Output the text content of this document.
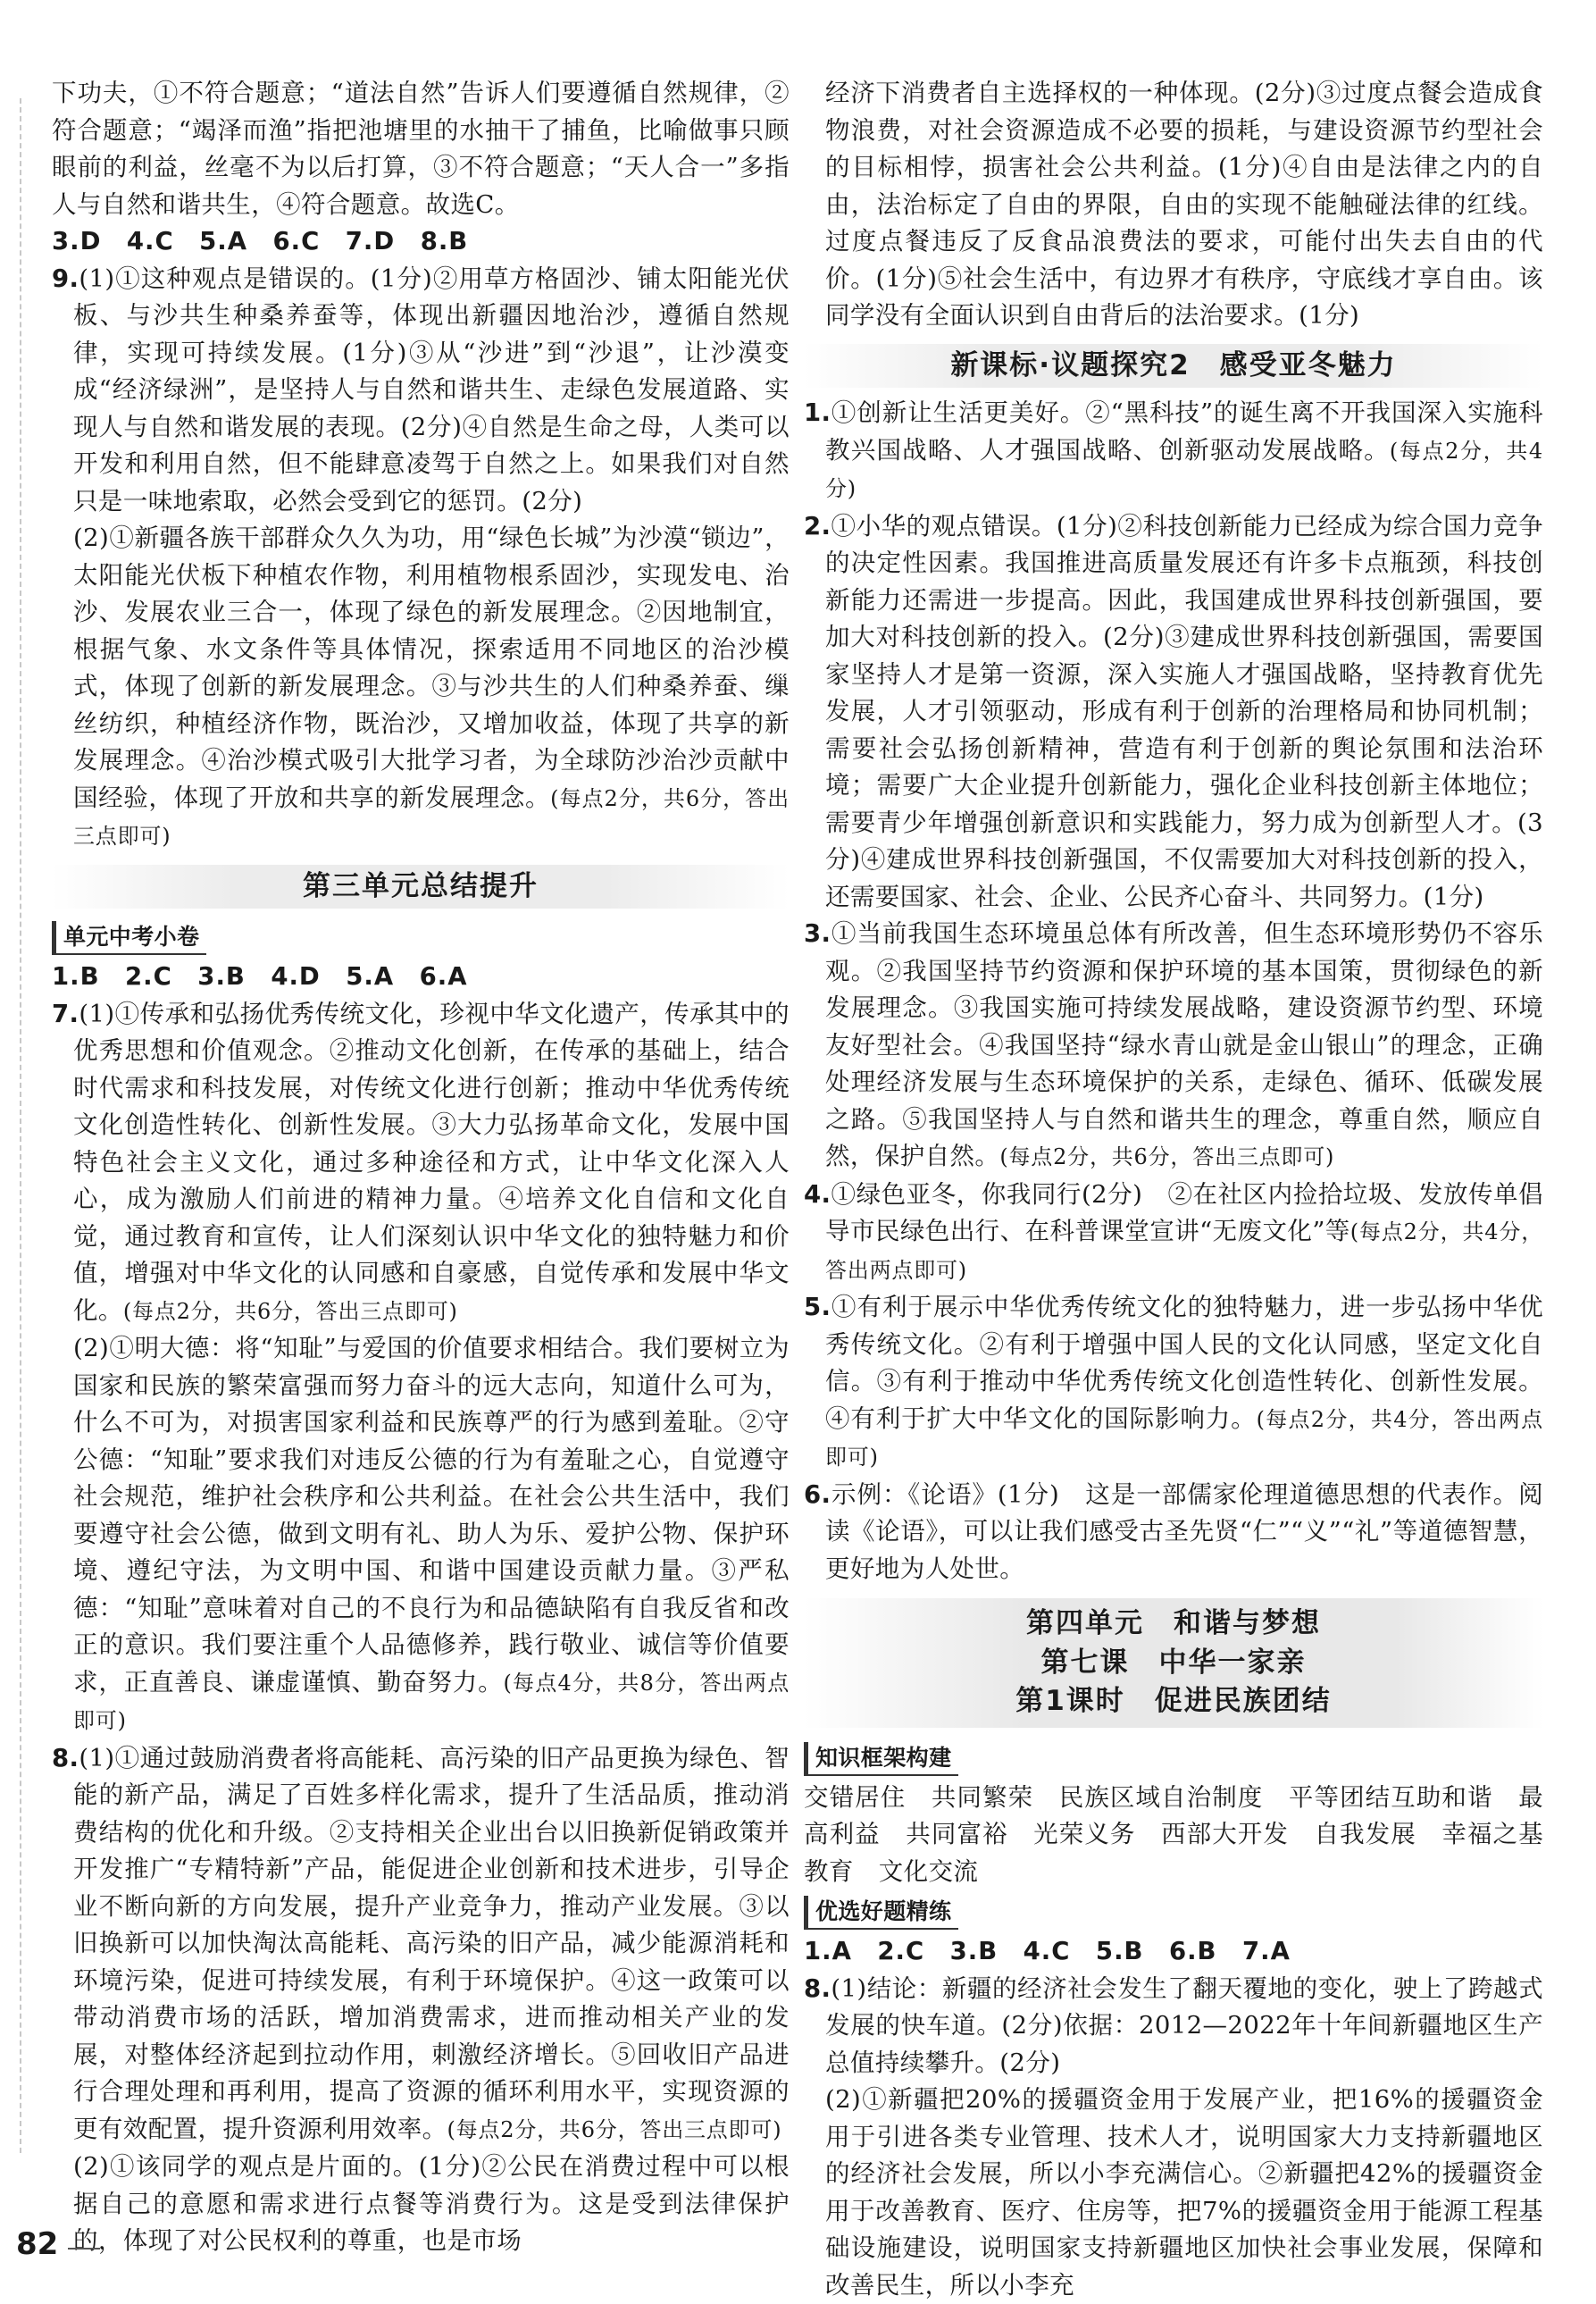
下功夫，①不符合题意；“道法自然”告诉人们要遵循自然规律，②符合题意；“竭泽而渔”指把池塘里的水抽干了捕鱼，比喻做事只顾眼前的利益，丝毫不为以后打算，③不符合题意；“天人合一”多指人与自然和谐共生，④符合题意。故选C。

3.D　4.C　5.A　6.C　7.D　8.B

9.(1)①这种观点是错误的。(1分)②用草方格固沙、铺太阳能光伏板、与沙共生种桑养蚕等，体现出新疆因地治沙，遵循自然规律，实现可持续发展。(1分)③从“沙进”到“沙退”，让沙漠变成“经济绿洲”，是坚持人与自然和谐共生、走绿色发展道路、实现人与自然和谐发展的表现。(2分)④自然是生命之母，人类可以开发和利用自然，但不能肆意凌驾于自然之上。如果我们对自然只是一味地索取，必然会受到它的惩罚。(2分)

(2)①新疆各族干部群众久久为功，用“绿色长城”为沙漠“锁边”，太阳能光伏板下种植农作物，利用植物根系固沙，实现发电、治沙、发展农业三合一，体现了绿色的新发展理念。②因地制宜，根据气象、水文条件等具体情况，探索适用不同地区的治沙模式，体现了创新的新发展理念。③与沙共生的人们种桑养蚕、缫丝纺织，种植经济作物，既治沙，又增加收益，体现了共享的新发展理念。④治沙模式吸引大批学习者，为全球防沙治沙贡献中国经验，体现了开放和共享的新发展理念。(每点2分，共6分，答出三点即可)

第三单元总结提升
单元中考小卷

1.B　2.C　3.B　4.D　5.A　6.A

7.(1)①传承和弘扬优秀传统文化，珍视中华文化遗产，传承其中的优秀思想和价值观念。②推动文化创新，在传承的基础上，结合时代需求和科技发展，对传统文化进行创新；推动中华优秀传统文化创造性转化、创新性发展。③大力弘扬革命文化，发展中国特色社会主义文化，通过多种途径和方式，让中华文化深入人心，成为激励人们前进的精神力量。④培养文化自信和文化自觉，通过教育和宣传，让人们深刻认识中华文化的独特魅力和价值，增强对中华文化的认同感和自豪感，自觉传承和发展中华文化。(每点2分，共6分，答出三点即可)

(2)①明大德：将“知耻”与爱国的价值要求相结合。我们要树立为国家和民族的繁荣富强而努力奋斗的远大志向，知道什么可为，什么不可为，对损害国家利益和民族尊严的行为感到羞耻。②守公德：“知耻”要求我们对违反公德的行为有羞耻之心，自觉遵守社会规范，维护社会秩序和公共利益。在社会公共生活中，我们要遵守社会公德，做到文明有礼、助人为乐、爱护公物、保护环境、遵纪守法，为文明中国、和谐中国建设贡献力量。③严私德：“知耻”意味着对自己的不良行为和品德缺陷有自我反省和改正的意识。我们要注重个人品德修养，践行敬业、诚信等价值要求，正直善良、谦虚谨慎、勤奋努力。(每点4分，共8分，答出两点即可)

8.(1)①通过鼓励消费者将高能耗、高污染的旧产品更换为绿色、智能的新产品，满足了百姓多样化需求，提升了生活品质，推动消费结构的优化和升级。②支持相关企业出台以旧换新促销政策并开发推广“专精特新”产品，能促进企业创新和技术进步，引导企业不断向新的方向发展，提升产业竞争力，推动产业发展。③以旧换新可以加快淘汰高能耗、高污染的旧产品，减少能源消耗和环境污染，促进可持续发展，有利于环境保护。④这一政策可以带动消费市场的活跃，增加消费需求，进而推动相关产业的发展，对整体经济起到拉动作用，刺激经济增长。⑤回收旧产品进行合理处理和再利用，提高了资源的循环利用水平，实现资源的更有效配置，提升资源利用效率。(每点2分，共6分，答出三点即可)

(2)①该同学的观点是片面的。(1分)②公民在消费过程中可以根据自己的意愿和需求进行点餐等消费行为。这是受到法律保护的，体现了对公民权利的尊重，也是市场

经济下消费者自主选择权的一种体现。(2分)③过度点餐会造成食物浪费，对社会资源造成不必要的损耗，与建设资源节约型社会的目标相悖，损害社会公共利益。(1分)④自由是法律之内的自由，法治标定了自由的界限，自由的实现不能触碰法律的红线。过度点餐违反了反食品浪费法的要求，可能付出失去自由的代价。(1分)⑤社会生活中，有边界才有秩序，守底线才享自由。该同学没有全面认识到自由背后的法治要求。(1分)

新课标·议题探究2　感受亚冬魅力

1.①创新让生活更美好。②“黑科技”的诞生离不开我国深入实施科教兴国战略、人才强国战略、创新驱动发展战略。(每点2分，共4分)

2.①小华的观点错误。(1分)②科技创新能力已经成为综合国力竞争的决定性因素。我国推进高质量发展还有许多卡点瓶颈，科技创新能力还需进一步提高。因此，我国建成世界科技创新强国，要加大对科技创新的投入。(2分)③建成世界科技创新强国，需要国家坚持人才是第一资源，深入实施人才强国战略，坚持教育优先发展，人才引领驱动，形成有利于创新的治理格局和协同机制；需要社会弘扬创新精神，营造有利于创新的舆论氛围和法治环境；需要广大企业提升创新能力，强化企业科技创新主体地位；需要青少年增强创新意识和实践能力，努力成为创新型人才。(3分)④建成世界科技创新强国，不仅需要加大对科技创新的投入，还需要国家、社会、企业、公民齐心奋斗、共同努力。(1分)

3.①当前我国生态环境虽总体有所改善，但生态环境形势仍不容乐观。②我国坚持节约资源和保护环境的基本国策，贯彻绿色的新发展理念。③我国实施可持续发展战略，建设资源节约型、环境友好型社会。④我国坚持“绿水青山就是金山银山”的理念，正确处理经济发展与生态环境保护的关系，走绿色、循环、低碳发展之路。⑤我国坚持人与自然和谐共生的理念，尊重自然，顺应自然，保护自然。(每点2分，共6分，答出三点即可)

4.①绿色亚冬，你我同行(2分)　②在社区内捡拾垃圾、发放传单倡导市民绿色出行、在科普课堂宣讲“无废文化”等(每点2分，共4分，答出两点即可)

5.①有利于展示中华优秀传统文化的独特魅力，进一步弘扬中华优秀传统文化。②有利于增强中国人民的文化认同感，坚定文化自信。③有利于推动中华优秀传统文化创造性转化、创新性发展。④有利于扩大中华文化的国际影响力。(每点2分，共4分，答出两点即可)

6.示例：《论语》(1分)　这是一部儒家伦理道德思想的代表作。阅读《论语》，可以让我们感受古圣先贤“仁”“义”“礼”等道德智慧，更好地为人处世。

第四单元　和谐与梦想
第七课　中华一家亲
第1课时　促进民族团结
知识框架构建

交错居住　共同繁荣　民族区域自治制度　平等团结互助和谐　最高利益　共同富裕　光荣义务　西部大开发　自我发展　幸福之基　教育　文化交流

优选好题精练

1.A　2.C　3.B　4.C　5.B　6.B　7.A

8.(1)结论：新疆的经济社会发生了翻天覆地的变化，驶上了跨越式发展的快车道。(2分)依据：2012—2022年十年间新疆地区生产总值持续攀升。(2分)

(2)①新疆把20%的援疆资金用于发展产业，把16%的援疆资金用于引进各类专业管理、技术人才，说明国家大力支持新疆地区的经济社会发展，所以小李充满信心。②新疆把42%的援疆资金用于改善教育、医疗、住房等，把7%的援疆资金用于能源工程基础设施建设，说明国家支持新疆地区加快社会事业发展，保障和改善民生，所以小李充

82
